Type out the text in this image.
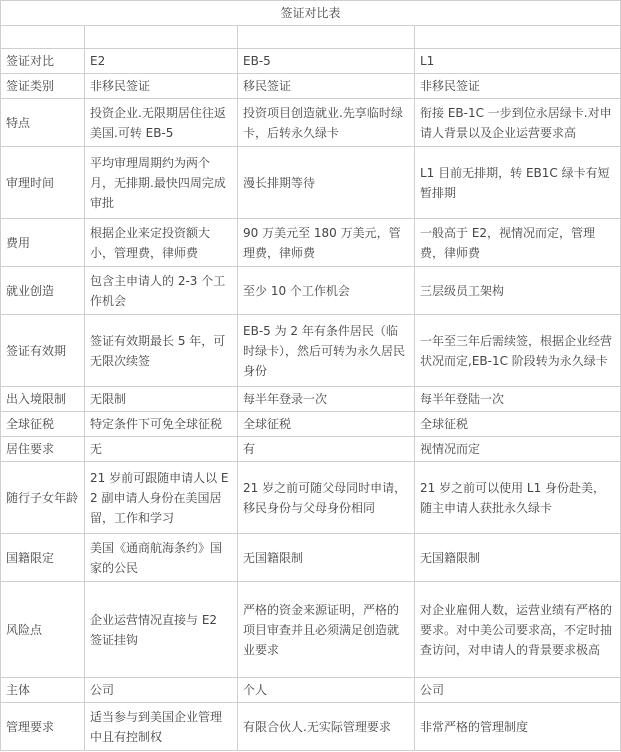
签证对比表			

签证对比	E2	EB-5	L1
签证类别	非移民签证	移民签证	非移民签证
特点	投资企业.无限期居住往返美国.可转 EB-5	投资项目创造就业.先享临时绿卡，后转永久绿卡	衔接 EB-1C 一步到位永居绿卡.对申请人背景以及企业运营要求高
审理时间	平均审理周期约为两个月，无排期.最快四周完成审批	漫长排期等待	L1 目前无排期，转 EB1C 绿卡有短暂排期
费用	根据企业来定投资额大小，管理费，律师费	90 万美元至 180 万美元，管理费，律师费	一般高于 E2，视情况而定，管理费，律师费
就业创造	包含主申请人的 2-3 个工作机会	至少 10 个工作机会	三层级员工架构
签证有效期	签证有效期最长 5 年，可无限次续签	EB-5 为 2 年有条件居民（临时绿卡），然后可转为永久居民身份	一年至三年后需续签，根据企业经营状况而定,EB-1C 阶段转为永久绿卡
出入境限制	无限制	每半年登录一次	每半年登陆一次
全球征税	特定条件下可免全球征税	全球征税	全球征税
居住要求	无	有	视情况而定
随行子女年龄	21 岁前可跟随申请人以 E2 副申请人身份在美国居留，工作和学习	21 岁之前可随父母同时申请，移民身份与父母身份相同	21 岁之前可以使用 L1 身份赴美，随主申请人获批永久绿卡
国籍限定	美国《通商航海条约》国家的公民	无国籍限制	无国籍限制
风险点	企业运营情况直接与 E2 签证挂钩	严格的资金来源证明，严格的项目审查并且必须满足创造就业要求	对企业雇佣人数，运营业绩有严格的要求。对中美公司要求高，不定时抽查访问，对申请人的背景要求极高
主体	公司	个人	公司
管理要求	适当参与到美国企业管理中且有控制权	有限合伙人.无实际管理要求	非常严格的管理制度
